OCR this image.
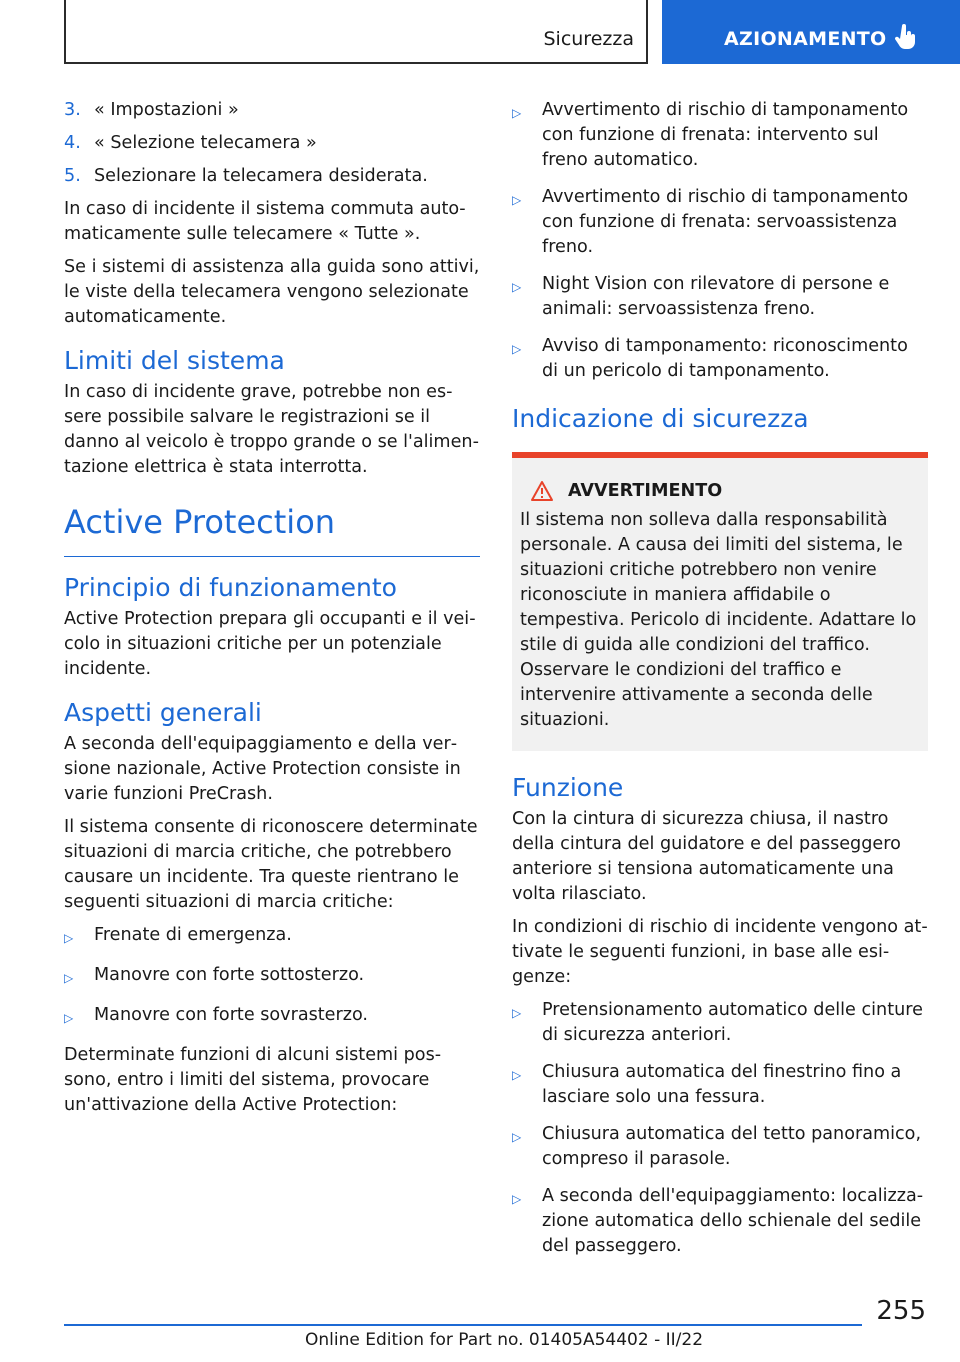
Sicurezza	AZIONAMENTO
3. « Impostazioni »
4. « Selezione telecamera »
5. Selezionare la telecamera desiderata.

In caso di incidente il sistema commuta automaticamente sulle telecamere « Tutte ».

Se i sistemi di assistenza alla guida sono attivi, le viste della telecamera vengono selezionate automaticamente.

Limiti del sistema

In caso di incidente grave, potrebbe non essere possibile salvare le registrazioni se il danno al veicolo è troppo grande o se l'alimentazione elettrica è stata interrotta.

Active Protection
Principio di funzionamento

Active Protection prepara gli occupanti e il veicolo in situazioni critiche per un potenziale incidente.

Aspetti generali

A seconda dell'equipaggiamento e della versione nazionale, Active Protection consiste in varie funzioni PreCrash.

Il sistema consente di riconoscere determinate situazioni di marcia critiche, che potrebbero causare un incidente. Tra queste rientrano le seguenti situazioni di marcia critiche:

▷	Frenate di emergenza.
▷	Manovre con forte sottosterzo.
▷	Manovre con forte sovrasterzo.

Determinate funzioni di alcuni sistemi possono, entro i limiti del sistema, provocare un'attivazione della Active Protection:

▷	Avvertimento di rischio di tamponamento con funzione di frenata: intervento sul freno automatico.
▷	Avvertimento di rischio di tamponamento con funzione di frenata: servoassistenza freno.
▷	Night Vision con rilevatore di persone e animali: servoassistenza freno.
▷	Avviso di tamponamento: riconoscimento di un pericolo di tamponamento.
Indicazione di sicurezza
AVVERTIMENTO

Il sistema non solleva dalla responsabilità personale. A causa dei limiti del sistema, le situazioni critiche potrebbero non venire riconosciute in maniera affidabile o tempestiva. Pericolo di incidente. Adattare lo stile di guida alle condizioni del traffico. Osservare le condizioni del traffico e intervenire attivamente a seconda delle situazioni.

Funzione

Con la cintura di sicurezza chiusa, il nastro della cintura del guidatore e del passeggero anteriore si tensiona automaticamente una volta rilasciato.

In condizioni di rischio di incidente vengono attivate le seguenti funzioni, in base alle esigenze:

▷	Pretensionamento automatico delle cinture di sicurezza anteriori.
▷	Chiusura automatica del finestrino fino a lasciare solo una fessura.
▷	Chiusura automatica del tetto panoramico, compreso il parasole.
▷	A seconda dell'equipaggiamento: localizzazione automatica dello schienale del sedile del passeggero.
255
Online Edition for Part no. 01405A54402 - II/22
